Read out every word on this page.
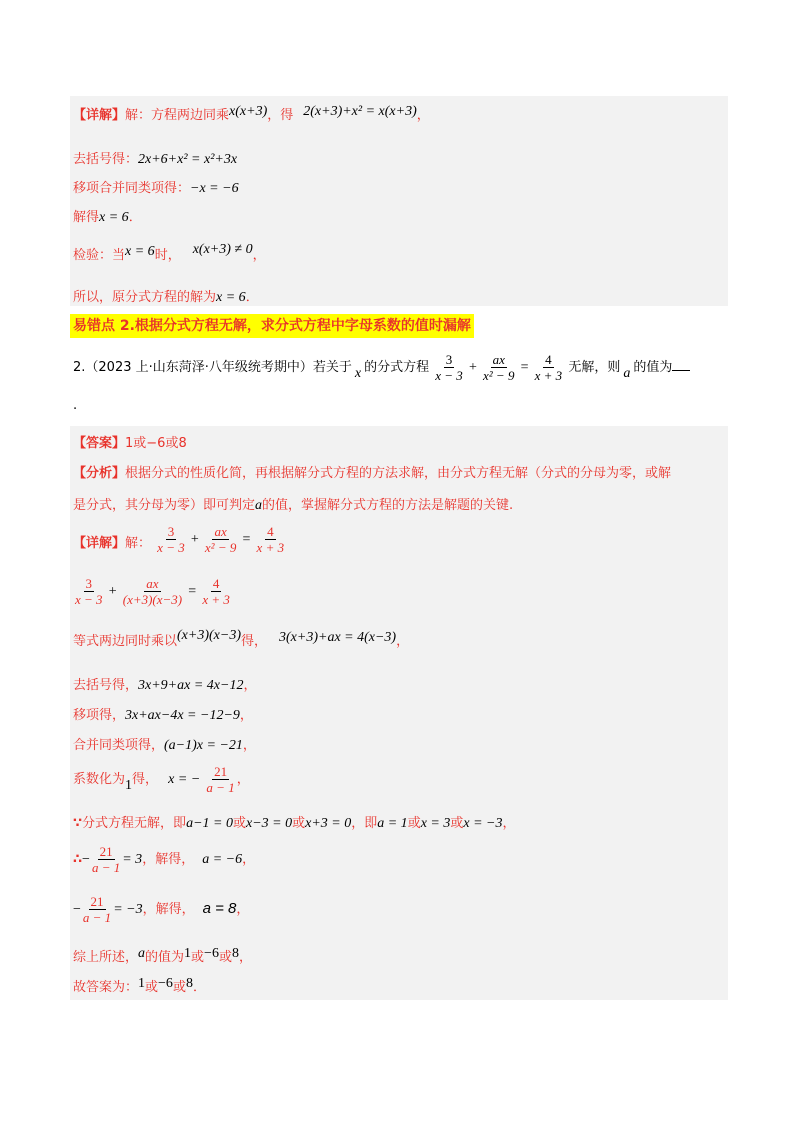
【详解】解：方程两边同乘x(x+3)，得 2(x+3)+x² = x(x+3)，
去括号得：2x+6+x² = x²+3x
移项合并同类项得：−x = −6
解得x = 6．
检验：当x = 6时， x(x+3) ≠ 0，
所以，原分式方程的解为x = 6．
易错点 2.根据分式方程无解，求分式方程中字母系数的值时漏解
2.（2023 上·山东菏泽·八年级统考期中）若关于 x 的分式方程 $\frac{3}{x - 3} + \frac{ax}{\text{x² − 9}} = \frac{4}{x + 3}$ 无解，则 a 的值为
.
【答案】1或−6或8
【分析】根据分式的性质化简，再根据解分式方程的方法求解，由分式方程无解（分式的分母为零，或解
是分式，其分母为零）即可判定a的值，掌握解分式方程的方法是解题的关键.
【详解】解： $\frac{3}{x - 3} + \frac{ax}{\text{x² − 9}} = \frac{4}{x + 3}$
$\frac{3}{x - 3} + \frac{ax}{(x+3)(x-3)} = \frac{4}{x + 3}$
等式两边同时乘以(x+3)(x−3)得， 3(x+3)+ax = 4(x−3)，
去括号得，3x+9+ax = 4x−12，
移项得，3x+ax−4x = −12−9，
合并同类项得，(a−1)x = −21，
系数化为1得， x = − $\frac{21}{a - 1}$ ，
∵分式方程无解，即a−1 = 0或x−3 = 0或x+3 = 0，即a = 1或x = 3或x = −3，
∴− $\frac{21}{a - 1} = 3$，解得， a = −6，
− $\frac{21}{a - 1} = -3$，解得， a = 8，
综上所述，a的值为1或−6或8，
故答案为：1或−6或8．
